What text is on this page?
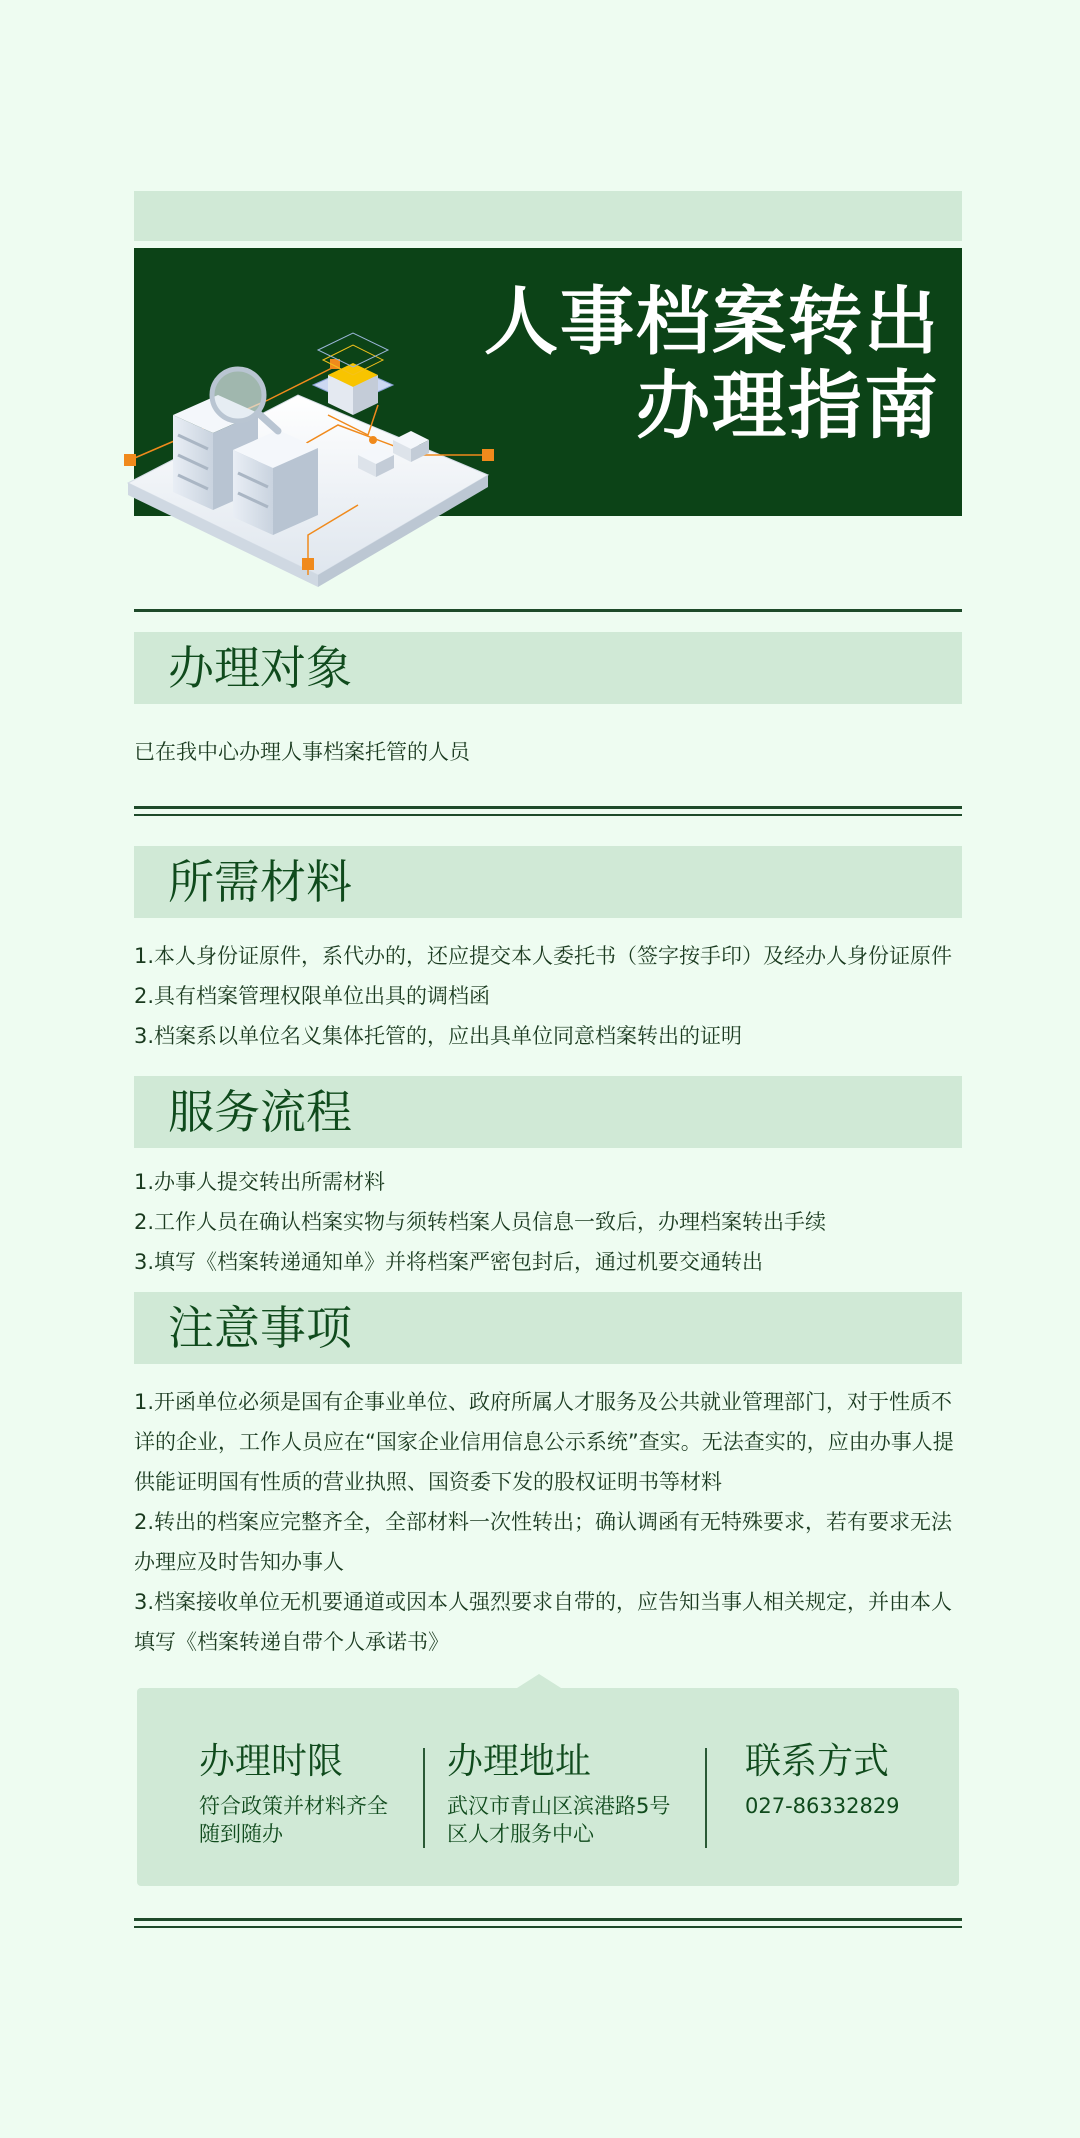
人事档案转出
办理指南
办理对象

已在我中心办理人事档案托管的人员

所需材料

1.本人身份证原件，系代办的，还应提交本人委托书（签字按手印）及经办人身份证原件

2.具有档案管理权限单位出具的调档函

3.档案系以单位名义集体托管的，应出具单位同意档案转出的证明

服务流程

1.办事人提交转出所需材料

2.工作人员在确认档案实物与须转档案人员信息一致后，办理档案转出手续

3.填写《档案转递通知单》并将档案严密包封后，通过机要交通转出

注意事项

1.开函单位必须是国有企事业单位、政府所属人才服务及公共就业管理部门，对于性质不详的企业，工作人员应在“国家企业信用信息公示系统”查实。无法查实的，应由办事人提供能证明国有性质的营业执照、国资委下发的股权证明书等材料

2.转出的档案应完整齐全，全部材料一次性转出；确认调函有无特殊要求，若有要求无法办理应及时告知办事人

3.档案接收单位无机要通道或因本人强烈要求自带的，应告知当事人相关规定，并由本人填写《档案转递自带个人承诺书》

办理时限
符合政策并材料齐全
随到随办
办理地址
武汉市青山区滨港路5号
区人才服务中心
联系方式
027-86332829
